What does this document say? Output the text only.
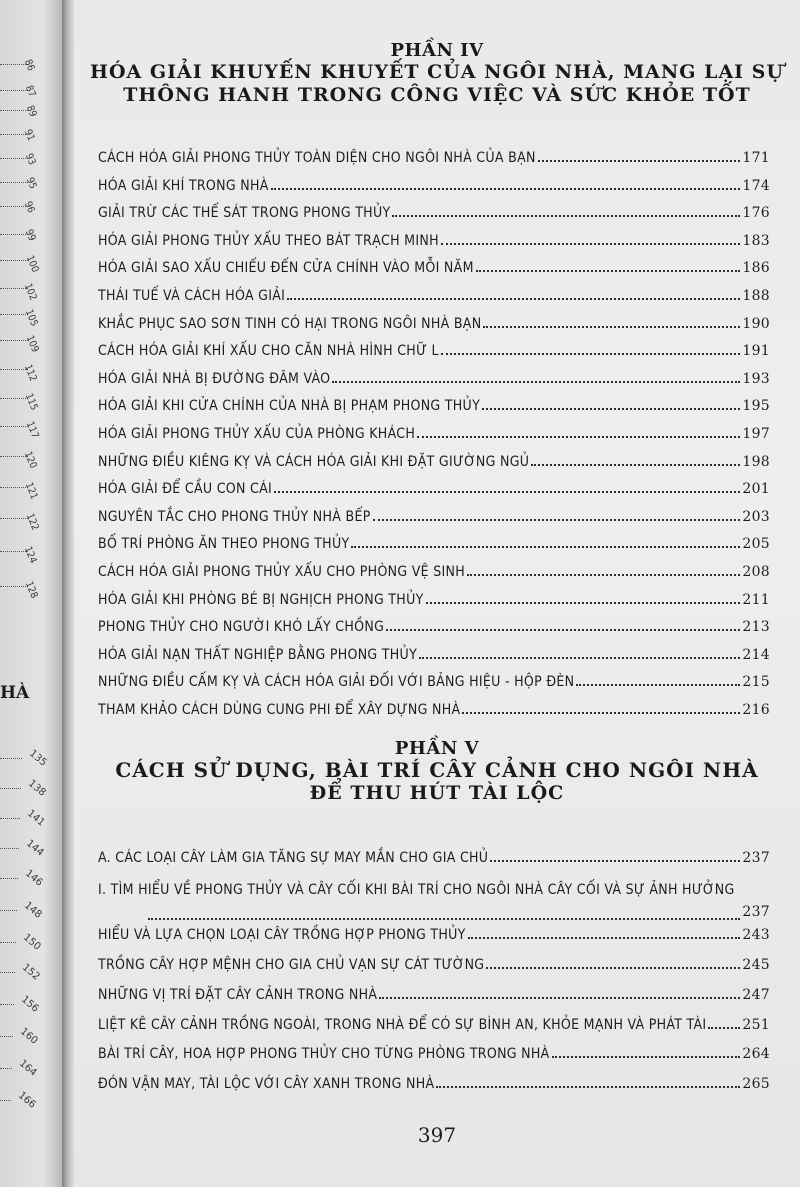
HÀ
86
87
89
91
93
95
96
99
100
102
105
109
112
115
117
120
121
122
124
128
135
138
141
144
146
148
150
152
156
160
164
166
PHẦN IV
HÓA GIẢI KHUYẾN KHUYẾT CỦA NGÔI NHÀ, MANG LẠI SỰ
THÔNG HANH TRONG CÔNG VIỆC VÀ SỨC KHỎE TỐT
CÁCH HÓA GIẢI PHONG THỦY TOÀN DIỆN CHO NGÔI NHÀ CỦA BẠN	171
HÓA GIẢI KHÍ TRONG NHÀ	174
GIẢI TRỪ CÁC THẾ SÁT TRONG PHONG THỦY	176
HÓA GIẢI PHONG THỦY XẤU THEO BÁT TRẠCH MINH	183
HÓA GIẢI SAO XẤU CHIẾU ĐẾN CỬA CHÍNH VÀO MỖI NĂM	186
THÁI TUẾ VÀ CÁCH HÓA GIẢI	188
KHẮC PHỤC SAO SƠN TINH CÓ HẠI TRONG NGÔI NHÀ BẠN	190
CÁCH HÓA GIẢI KHÍ XẤU CHO CĂN NHÀ HÌNH CHỮ L	191
HÓA GIẢI NHÀ BỊ ĐƯỜNG ĐÂM VÀO	193
HÓA GIẢI KHI CỬA CHÍNH CỦA NHÀ BỊ PHẠM PHONG THỦY	195
HÓA GIẢI PHONG THỦY XẤU CỦA PHÒNG KHÁCH	197
NHỮNG ĐIỀU KIÊNG KỴ VÀ CÁCH HÓA GIẢI KHI ĐẶT GIƯỜNG NGỦ	198
HÓA GIẢI ĐỂ CẦU CON CÁI	201
NGUYÊN TẮC CHO PHONG THỦY NHÀ BẾP	203
BỐ TRÍ PHÒNG ĂN THEO PHONG THỦY	205
CÁCH HÓA GIẢI PHONG THỦY XẤU CHO PHÒNG VỆ SINH	208
HÓA GIẢI KHI PHÒNG BÉ BỊ NGHỊCH PHONG THỦY	211
PHONG THỦY CHO NGƯỜI KHÓ LẤY CHỒNG	213
HÓA GIẢI NẠN THẤT NGHIỆP BẰNG PHONG THỦY	214
NHỮNG ĐIỀU CẤM KỴ VÀ CÁCH HÓA GIẢI ĐỐI VỚI BẢNG HIỆU - HỘP ĐÈN	215
THAM KHẢO CÁCH DÙNG CUNG PHI ĐỂ XÂY DỰNG NHÀ	216
PHẦN V
CÁCH SỬ DỤNG, BÀI TRÍ CÂY CẢNH CHO NGÔI NHÀ
ĐỂ THU HÚT TÀI LỘC
A. CÁC LOẠI CÂY LÀM GIA TĂNG SỰ MAY MẮN CHO GIA CHỦ	237
I. TÌM HIỂU VỀ PHONG THỦY VÀ CÂY CỐI KHI BÀI TRÍ CHO NGÔI NHÀ CÂY CỐI VÀ SỰ ẢNH HƯỞNG
237
HIỂU VÀ LỰA CHỌN LOẠI CÂY TRỒNG HỢP PHONG THỦY	243
TRỒNG CÂY HỢP MỆNH CHO GIA CHỦ VẠN SỰ CÁT TƯỜNG	245
NHỮNG VỊ TRÍ ĐẶT CÂY CẢNH TRONG NHÀ	247
LIỆT KÊ CÂY CẢNH TRỒNG NGOÀI, TRONG NHÀ ĐỂ CÓ SỰ BÌNH AN, KHỎE MẠNH VÀ PHÁT TÀI	251
BÀI TRÍ CÂY, HOA HỢP PHONG THỦY CHO TỪNG PHÒNG TRONG NHÀ	264
ĐÓN VẬN MAY, TÀI LỘC VỚI CÂY XANH TRONG NHÀ	265
397
